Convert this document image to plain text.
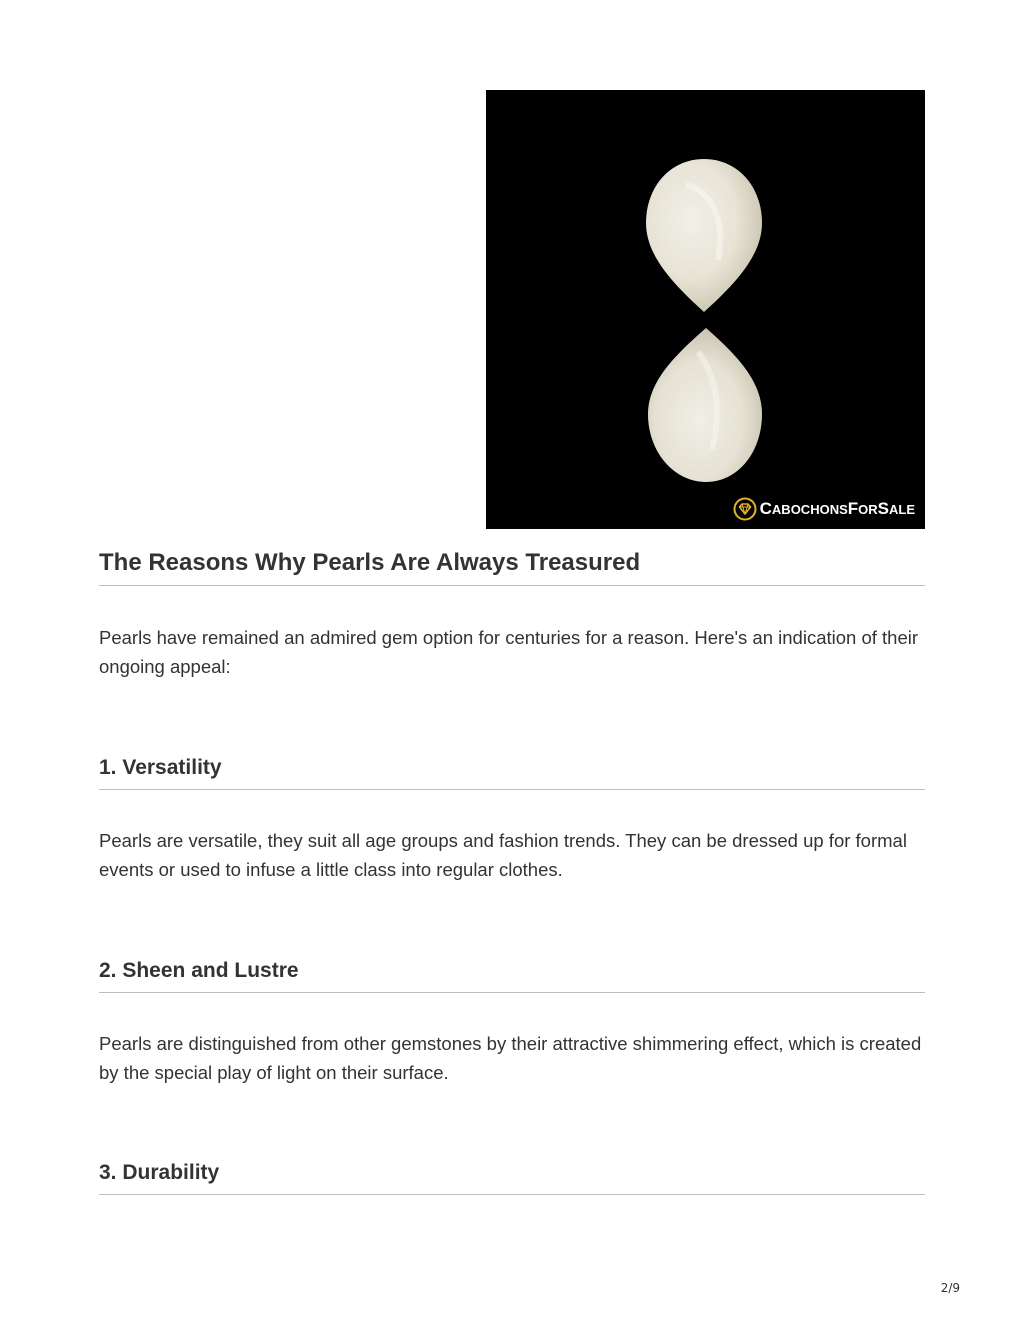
CABOCHONSFORSALE
The Reasons Why Pearls Are Always Treasured

Pearls have remained an admired gem option for centuries for a reason. Here's an indication of their ongoing appeal:

1. Versatility

Pearls are versatile, they suit all age groups and fashion trends. They can be dressed up for formal events or used to infuse a little class into regular clothes.

2. Sheen and Lustre

Pearls are distinguished from other gemstones by their attractive shimmering effect, which is created by the special play of light on their surface.

3. Durability
2/9
